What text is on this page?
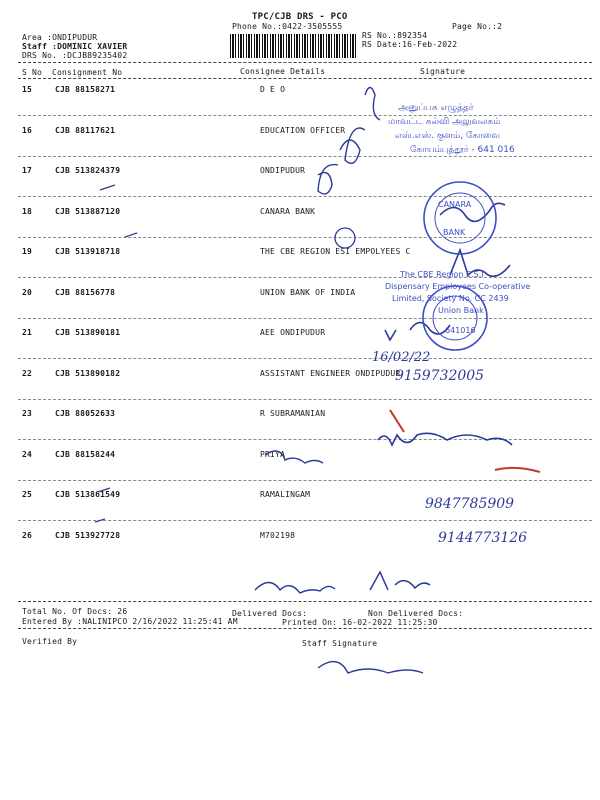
TPC/CJB DRS - PCO
Phone No.:0422-3505555	Page No.:2
RS No.:892354
RS Date:16-Feb-2022
Area :ONDIPUDUR
Staff :DOMINIC XAVIER
DRS No. :DCJB89235402
S No Consignment No	Consignee Details	Signature
15	CJB 88158271	D E O
16	CJB 88117621	EDUCATION OFFICER
17	CJB 513824379	ONDIPUDUR
18	CJB 513887120	CANARA BANK
19	CJB 513918718	THE CBE REGION ESI EMPOLYEES C
20	CJB 88156778	UNION BANK OF INDIA
21	CJB 513890181	AEE ONDIPUDUR
22	CJB 513890182	ASSISTANT ENGINEER ONDIPUDUR
23	CJB 88052633	R SUBRAMANIAN
24	CJB 88158244	PRIYA
25	CJB 513861549	RAMALINGAM
26	CJB 513927728	M702198
அனுப்பக எழுத்தர்
மாவட்ட கல்வி அலுவலகம்
எஸ்.எஸ். குளம், கோவை
கோயம்புத்தூர் - 641 016
CANARA
BANK
The CBE Region E.S.I
Dispensary Employees Co-operative
Limited, Society No. CC 2439
Union Bank
641016
16/02/22
9159732005
9847785909
9144773126
Total No. Of Docs: 26	Delivered Docs:	Non Delivered Docs:
Entered By :NALINIPCO 2/16/2022 11:25:41 AM	Printed On: 16-02-2022 11:25:30
Verified By	Staff Signature
